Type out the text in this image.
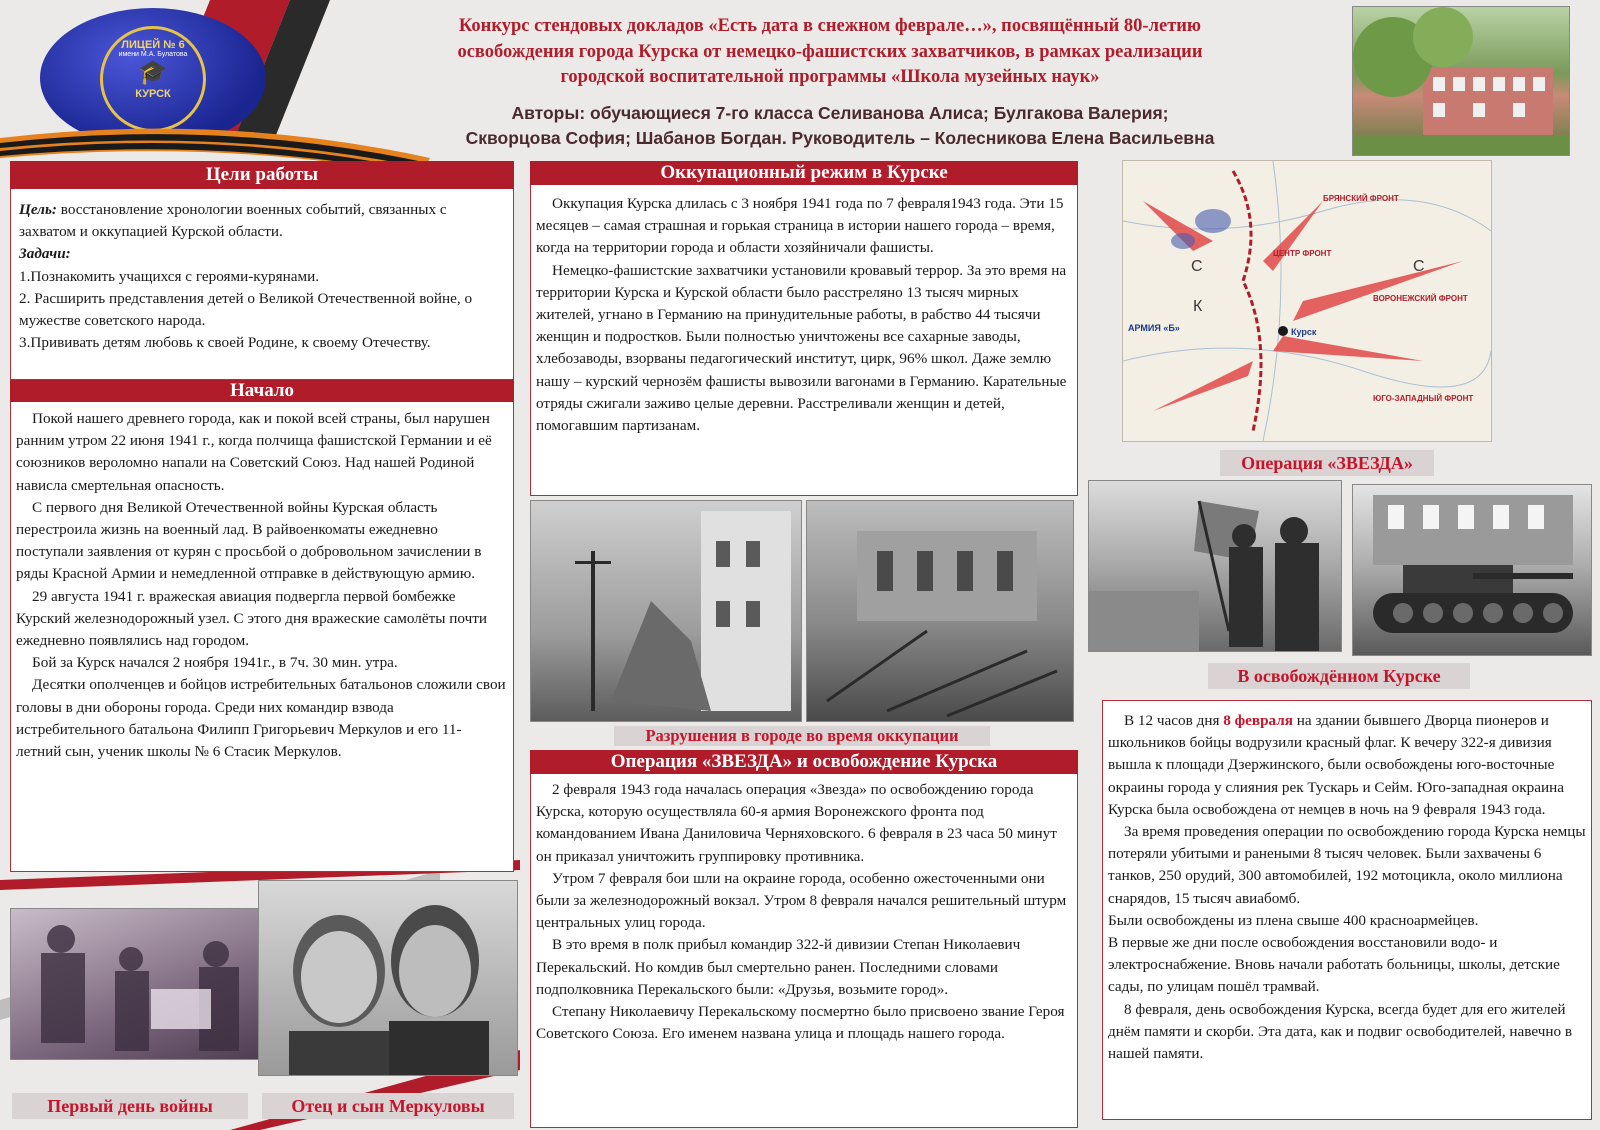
ЛИЦЕЙ № 6
имени М.А. Булатова
🎓
КУРСК
Конкурс стендовых докладов «Есть дата в снежном феврале…», посвящённый 80-летию
освобождения города Курска от немецко-фашистских захватчиков, в рамках реализации
городской воспитательной программы «Школа музейных наук»
Авторы: обучающиеся 7-го класса Селиванова Алиса; Булгакова Валерия;
Скворцова София; Шабанов Богдан. Руководитель – Колесникова Елена Васильевна
Цели работы
Цель: восстановление хронологии военных событий, связанных с захватом и оккупацией Курской области.
Задачи:
1.Познакомить учащихся с героями-курянами.
2. Расширить представления детей о Великой Отечественной войне, о мужестве советского народа.
3.Прививать детям любовь к своей Родине, к своему Отечеству.
Начало

Покой нашего древнего города, как и покой всей страны, был нарушен ранним утром 22 июня 1941 г., когда полчища фашистской Германии и её союзников вероломно напали на Советский Союз. Над нашей Родиной нависла смертельная опасность.

С первого дня Великой Отечественной войны Курская область перестроила жизнь на военный лад. В райвоенкоматы ежедневно поступали заявления от курян с просьбой о добровольном зачислении в ряды Красной Армии и немедленной отправке в действующую армию.

29 августа 1941 г. вражеская авиация подвергла первой бомбежке Курский железнодорожный узел. С этого дня вражеские самолёты почти ежедневно появлялись над городом.

Бой за Курск начался 2 ноября 1941г., в 7ч. 30 мин. утра.

Десятки ополченцев и бойцов истребительных батальонов сложили свои головы в дни обороны города. Среди них командир взвода истребительного батальона Филипп Григорьевич Меркулов и его 11-летний сын, ученик школы № 6 Стасик Меркулов.

Первый день войны	Отец и сын Меркуловы
Оккупационный режим в Курске

Оккупация Курска длилась с 3 ноября 1941 года по 7 февраля1943 года. Эти 15 месяцев – самая страшная и горькая страница в истории нашего города – время, когда на территории города и области хозяйничали фашисты.

Немецко-фашистские захватчики установили кровавый террор. За это время на территории Курска и Курской области было расстреляно 13 тысяч мирных жителей, угнано в Германию на принудительные работы, в рабство 44 тысячи женщин и подростков. Были полностью уничтожены все сахарные заводы, хлебозаводы, взорваны педагогический институт, цирк, 96% школ. Даже землю нашу – курский чернозём фашисты вывозили вагонами в Германию. Карательные отряды сжигали заживо целые деревни. Расстреливали женщин и детей, помогавшим партизанам.

Разрушения в городе во время оккупации
Операция «ЗВЕЗДА» и освобождение Курска

2 февраля 1943 года началась операция «Звезда» по освобождению города Курска, которую осуществляла 60-я армия Воронежского фронта под командованием Ивана Даниловича Черняховского. 6 февраля в 23 часа 50 минут он приказал уничтожить группировку противника.

Утром 7 февраля бои шли на окраине города, особенно ожесточенными они были за железнодорожный вокзал. Утром 8 февраля начался решительный штурм центральных улиц города.

В это время в полк прибыл командир 322-й дивизии Степан Николаевич Перекальский. Но комдив был смертельно ранен. Последними словами подполковника Перекальского были: «Друзья, возьмите город».

Степану Николаевичу Перекальскому посмертно было присвоено звание Героя Советского Союза. Его именем названа улица и площадь нашего города.

БРЯНСКИЙ ФРОНТ
ЦЕНТР ФРОНТ
ВОРОНЕЖСКИЙ ФРОНТ
ЮГО-ЗАПАДНЫЙ ФРОНТ
АРМИЯ «Б»	Курск
С	С
К
Операция «ЗВЕЗДА»
В освобождённом Курске

В 12 часов дня 8 февраля на здании бывшего Дворца пионеров и школьников бойцы водрузили красный флаг. К вечеру 322-я дивизия вышла к площади Дзержинского, были освобождены юго-восточные окраины города у слияния рек Тускарь и Сейм. Юго-западная окраина Курска была освобождена от немцев в ночь на 9 февраля 1943 года.

За время проведения операции по освобождению города Курска немцы потеряли убитыми и ранеными 8 тысяч человек. Были захвачены 6 танков, 250 орудий, 300 автомобилей, 192 мотоцикла, около миллиона снарядов, 15 тысяч авиабомб.

Были освобождены из плена свыше 400 красноармейцев.
В первые же дни после освобождения восстановили водо- и электроснабжение. Вновь начали работать больницы, школы, детские сады, по улицам пошёл трамвай.

8 февраля, день освобождения Курска, всегда будет для его жителей днём памяти и скорби. Эта дата, как и подвиг освободителей, навечно в нашей памяти.
